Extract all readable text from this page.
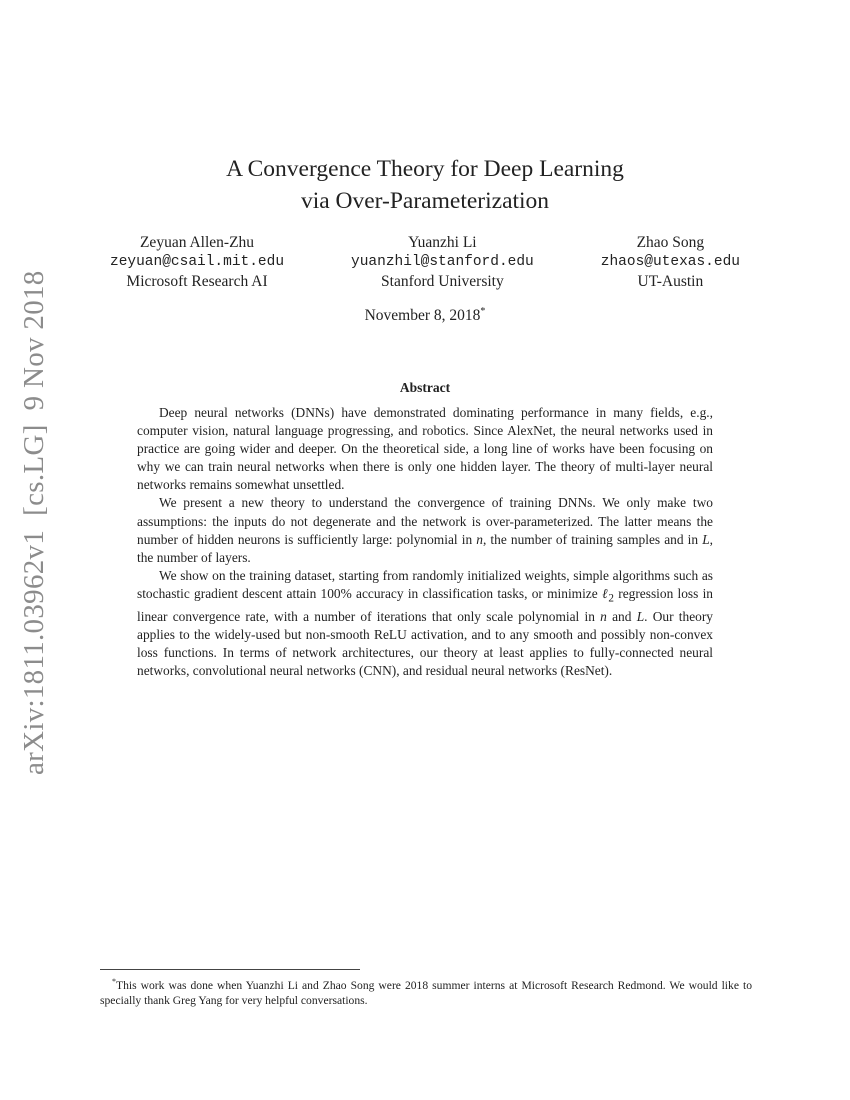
arXiv:1811.03962v1[cs.LG]9 Nov 2018
A Convergence Theory for Deep Learning
via Over-Parameterization
Zeyuan Allen-Zhu
zeyuan@csail.mit.edu
Microsoft Research AI
Yuanzhi Li
yuanzhil@stanford.edu
Stanford University
Zhao Song
zhaos@utexas.edu
UT-Austin
November 8, 2018*
Abstract

Deep neural networks (DNNs) have demonstrated dominating performance in many fields, e.g., computer vision, natural language progressing, and robotics. Since AlexNet, the neural networks used in practice are going wider and deeper. On the theoretical side, a long line of works have been focusing on why we can train neural networks when there is only one hidden layer. The theory of multi-layer neural networks remains somewhat unsettled.

We present a new theory to understand the convergence of training DNNs. We only make two assumptions: the inputs do not degenerate and the network is over-parameterized. The latter means the number of hidden neurons is sufficiently large: polynomial in n, the number of training samples and in L, the number of layers.

We show on the training dataset, starting from randomly initialized weights, simple algorithms such as stochastic gradient descent attain 100% accuracy in classification tasks, or minimize ℓ$_2$ regression loss in linear convergence rate, with a number of iterations that only scale polynomial in n and L. Our theory applies to the widely-used but non-smooth ReLU activation, and to any smooth and possibly non-convex loss functions. In terms of network architectures, our theory at least applies to fully-connected neural networks, convolutional neural networks (CNN), and residual neural networks (ResNet).

*This work was done when Yuanzhi Li and Zhao Song were 2018 summer interns at Microsoft Research Redmond. We would like to specially thank Greg Yang for very helpful conversations.
